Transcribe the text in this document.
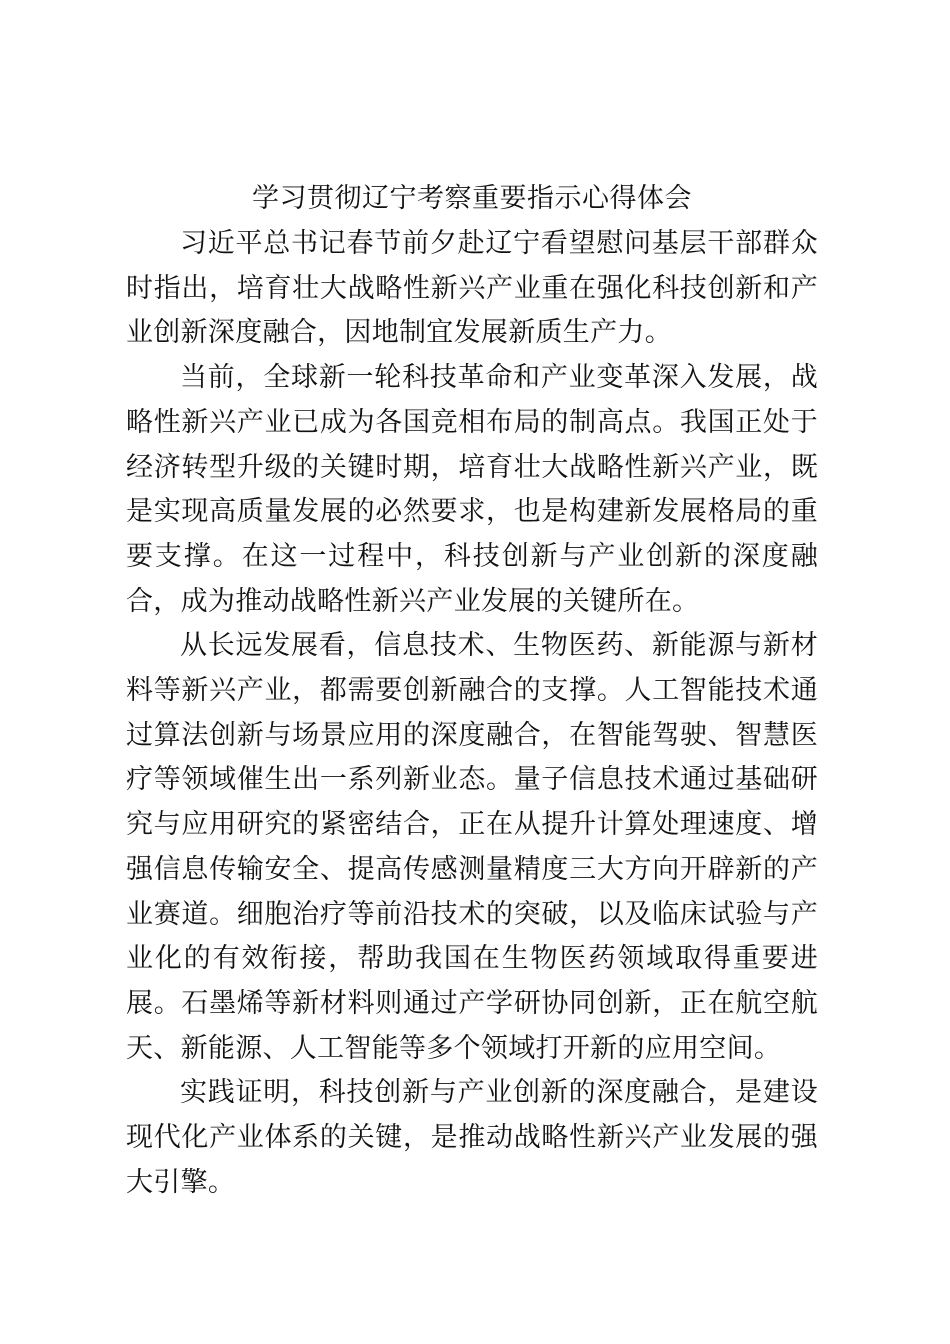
学习贯彻辽宁考察重要指示心得体会

习近平总书记春节前夕赴辽宁看望慰问基层干部群众时指出，培育壮大战略性新兴产业重在强化科技创新和产业创新深度融合，因地制宜发展新质生产力。

当前，全球新一轮科技革命和产业变革深入发展，战略性新兴产业已成为各国竞相布局的制高点。我国正处于经济转型升级的关键时期，培育壮大战略性新兴产业，既是实现高质量发展的必然要求，也是构建新发展格局的重要支撑。在这一过程中，科技创新与产业创新的深度融合，成为推动战略性新兴产业发展的关键所在。

从长远发展看，信息技术、生物医药、新能源与新材料等新兴产业，都需要创新融合的支撑。人工智能技术通过算法创新与场景应用的深度融合，在智能驾驶、智慧医疗等领域催生出一系列新业态。量子信息技术通过基础研究与应用研究的紧密结合，正在从提升计算处理速度、增强信息传输安全、提高传感测量精度三大方向开辟新的产业赛道。细胞治疗等前沿技术的突破，以及临床试验与产业化的有效衔接，帮助我国在生物医药领域取得重要进展。石墨烯等新材料则通过产学研协同创新，正在航空航天、新能源、人工智能等多个领域打开新的应用空间。

实践证明，科技创新与产业创新的深度融合，是建设现代化产业体系的关键，是推动战略性新兴产业发展的强大引擎。
